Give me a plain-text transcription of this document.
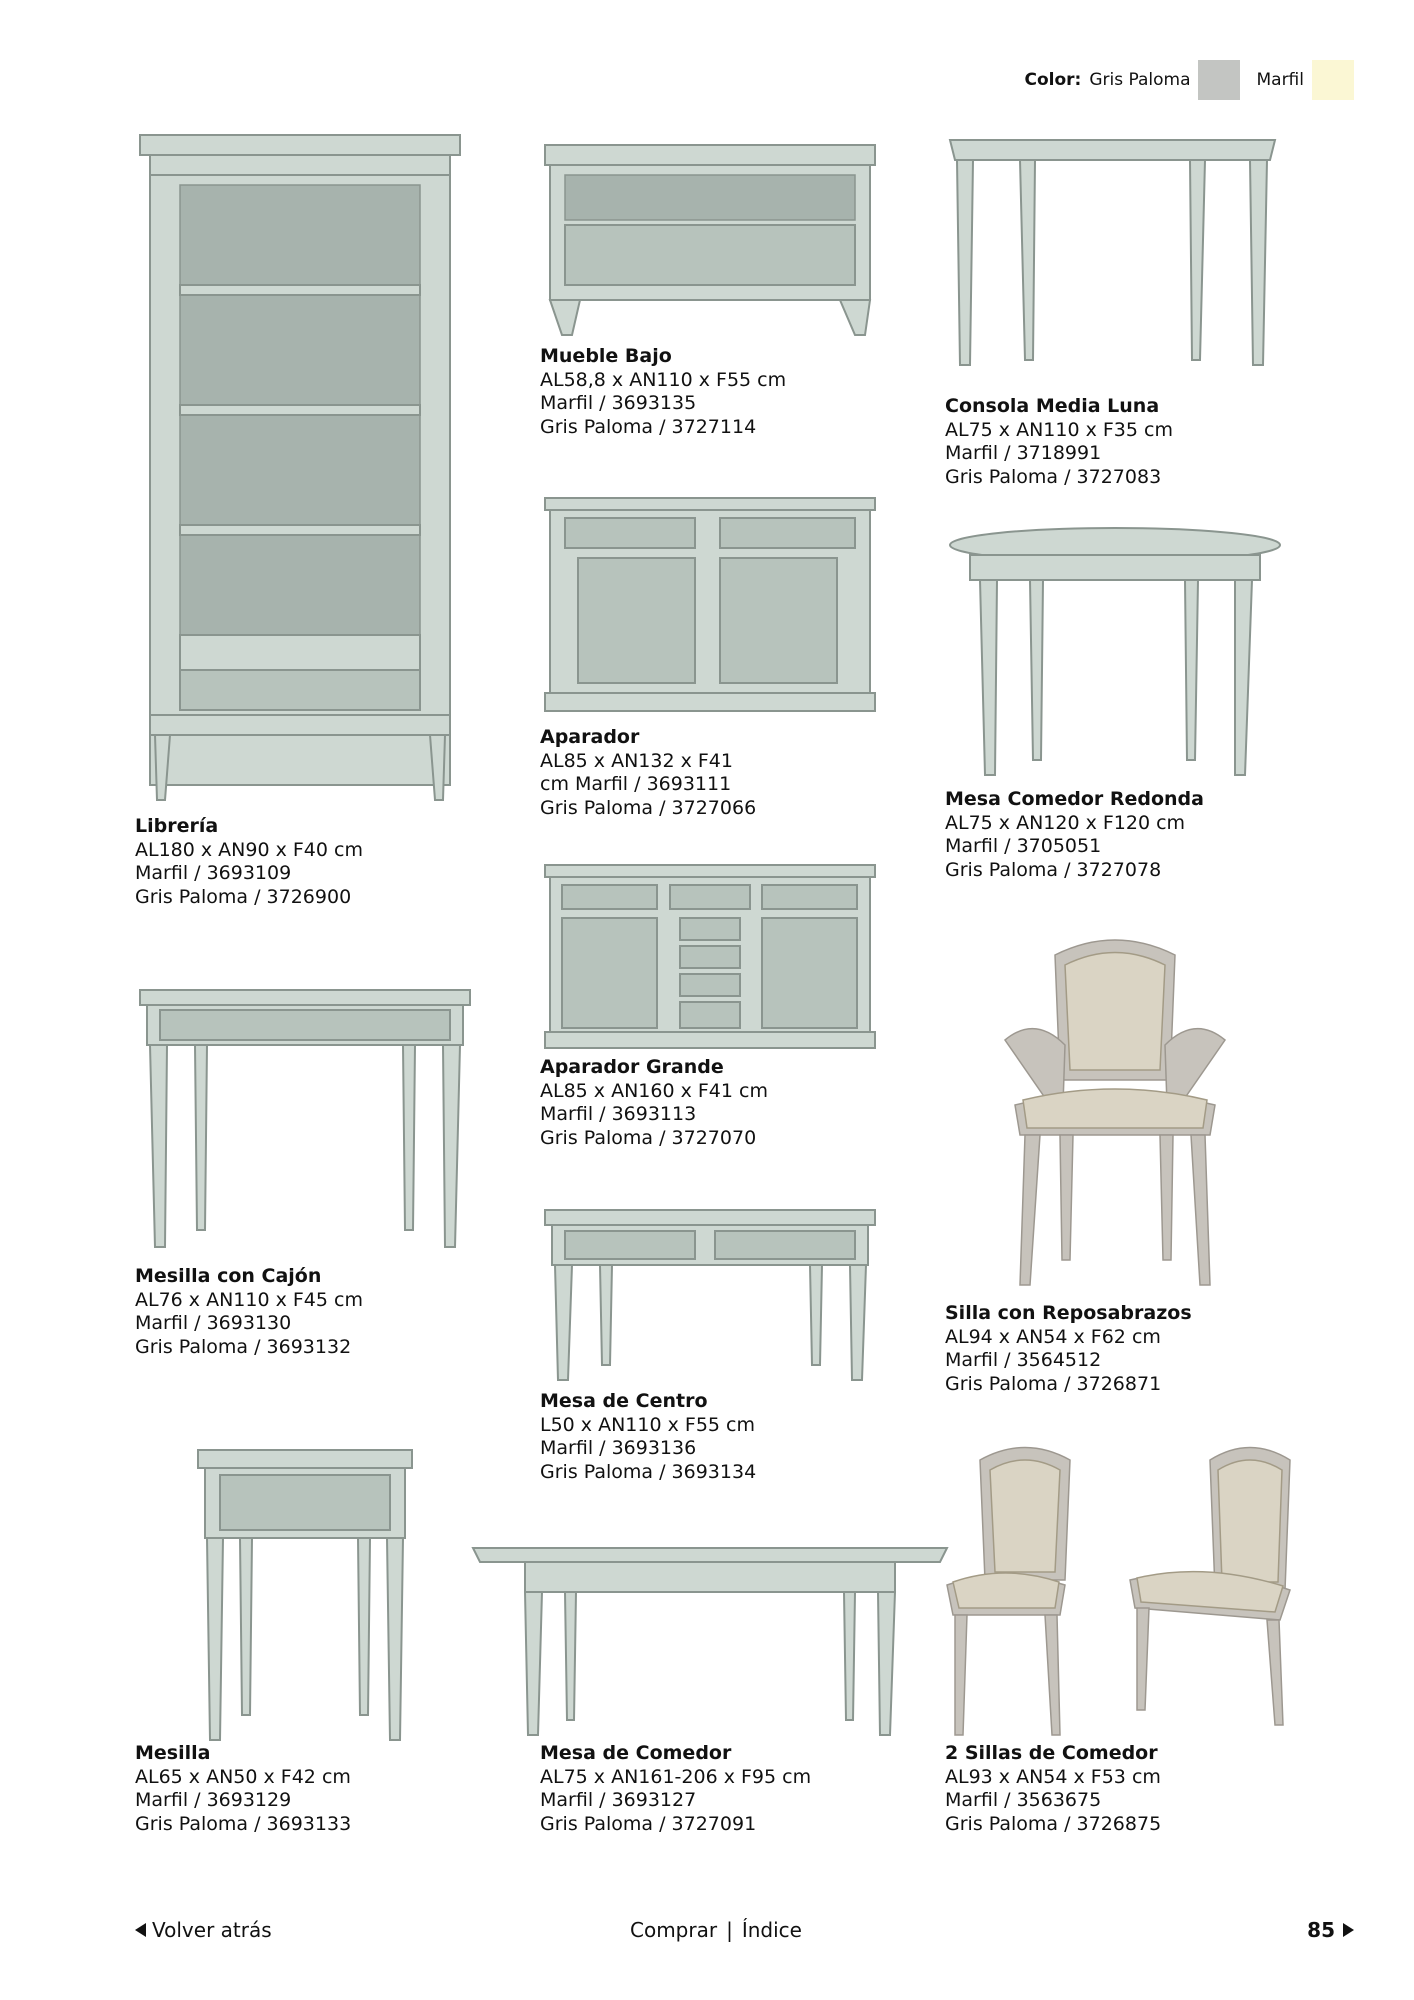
Color: Gris Paloma	Marfil
Librería
AL180 x AN90 x F40 cm
Marfil / 3693109
Gris Paloma / 3726900
Mueble Bajo
AL58,8 x AN110 x F55 cm
Marfil / 3693135
Gris Paloma / 3727114
Consola Media Luna
AL75 x AN110 x F35 cm
Marfil / 3718991
Gris Paloma / 3727083
Aparador
AL85 x AN132 x F41
cm Marfil / 3693111
Gris Paloma / 3727066	Mesa Comedor Redonda
AL75 x AN120 x F120 cm
Marfil / 3705051
Gris Paloma / 3727078
Aparador Grande
AL85 x AN160 x F41 cm
Marfil / 3693113
Gris Paloma / 3727070
Mesilla con Cajón
AL76 x AN110 x F45 cm
Marfil / 3693130
Gris Paloma / 3693132
Silla con Reposabrazos
AL94 x AN54 x F62 cm
Marfil / 3564512
Gris Paloma / 3726871
Mesa de Centro
L50 x AN110 x F55 cm
Marfil / 3693136
Gris Paloma / 3693134
Mesilla
AL65 x AN50 x F42 cm
Marfil / 3693129
Gris Paloma / 3693133
Mesa de Comedor
AL75 x AN161-206 x F95 cm
Marfil / 3693127
Gris Paloma / 3727091
2 Sillas de Comedor
AL93 x AN54 x F53 cm
Marfil / 3563675
Gris Paloma / 3726875
Volver atrás	Comprar | Índice	85
